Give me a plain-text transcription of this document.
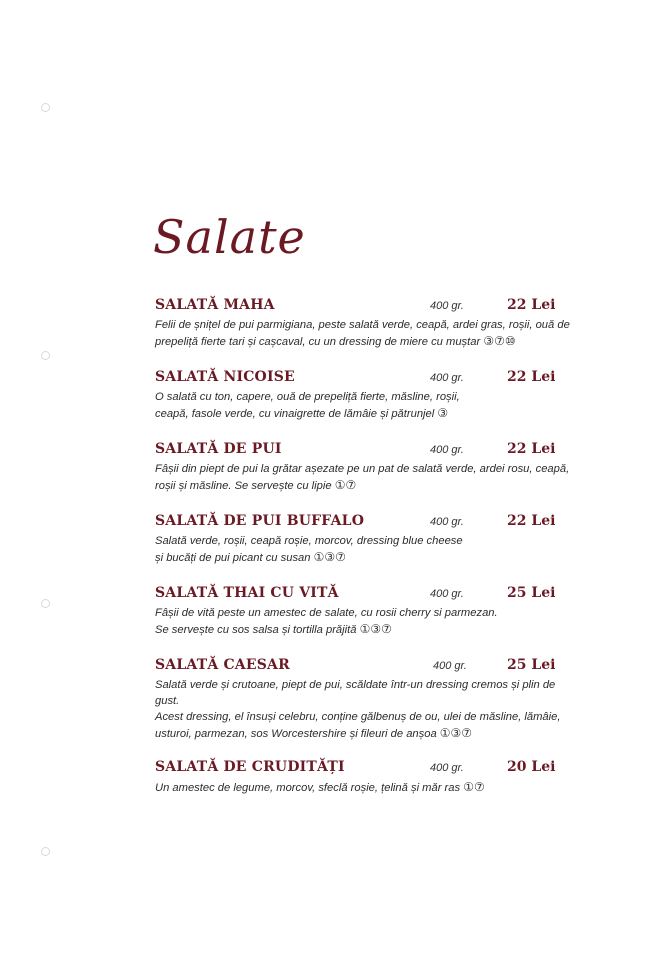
Salate
SALATĂ MAHA	400 gr.	22 Lei
Felii de șnițel de pui parmigiana, peste salată verde, ceapă, ardei gras, roșii, ouă de
prepeliță fierte tari și cașcaval, cu un dressing de miere cu muștar ③⑦⑩
SALATĂ NICOISE	400 gr.	22 Lei
O salată cu ton, capere, ouă de prepeliță fierte, măsline, roșii,
ceapă, fasole verde, cu vinaigrette de lămâie și pătrunjel ③
SALATĂ DE PUI	400 gr.	22 Lei
Fâșii din piept de pui la grătar așezate pe un pat de salată verde, ardei rosu, ceapă,
roșii și măsline. Se servește cu lipie ①⑦
SALATĂ DE PUI BUFFALO	400 gr.	22 Lei
Salată verde, roșii, ceapă roșie, morcov, dressing blue cheese
și bucăți de pui picant cu susan ①③⑦
SALATĂ THAI CU VITĂ	400 gr.	25 Lei
Fâșii de vită peste un amestec de salate, cu rosii cherry si parmezan.
Se servește cu sos salsa și tortilla prăjită ①③⑦
SALATĂ CAESAR	400 gr.	25 Lei
Salată verde și crutoane, piept de pui, scăldate într-un dressing cremos și plin de gust.
Acest dressing, el însuși celebru, conține gălbenuș de ou, ulei de măsline, lămâie,
usturoi, parmezan, sos Worcestershire și fileuri de anșoa ①③⑦
SALATĂ DE CRUDITĂȚI	400 gr.	20 Lei
Un amestec de legume, morcov, sfeclă roșie, țelină și măr ras ①⑦
